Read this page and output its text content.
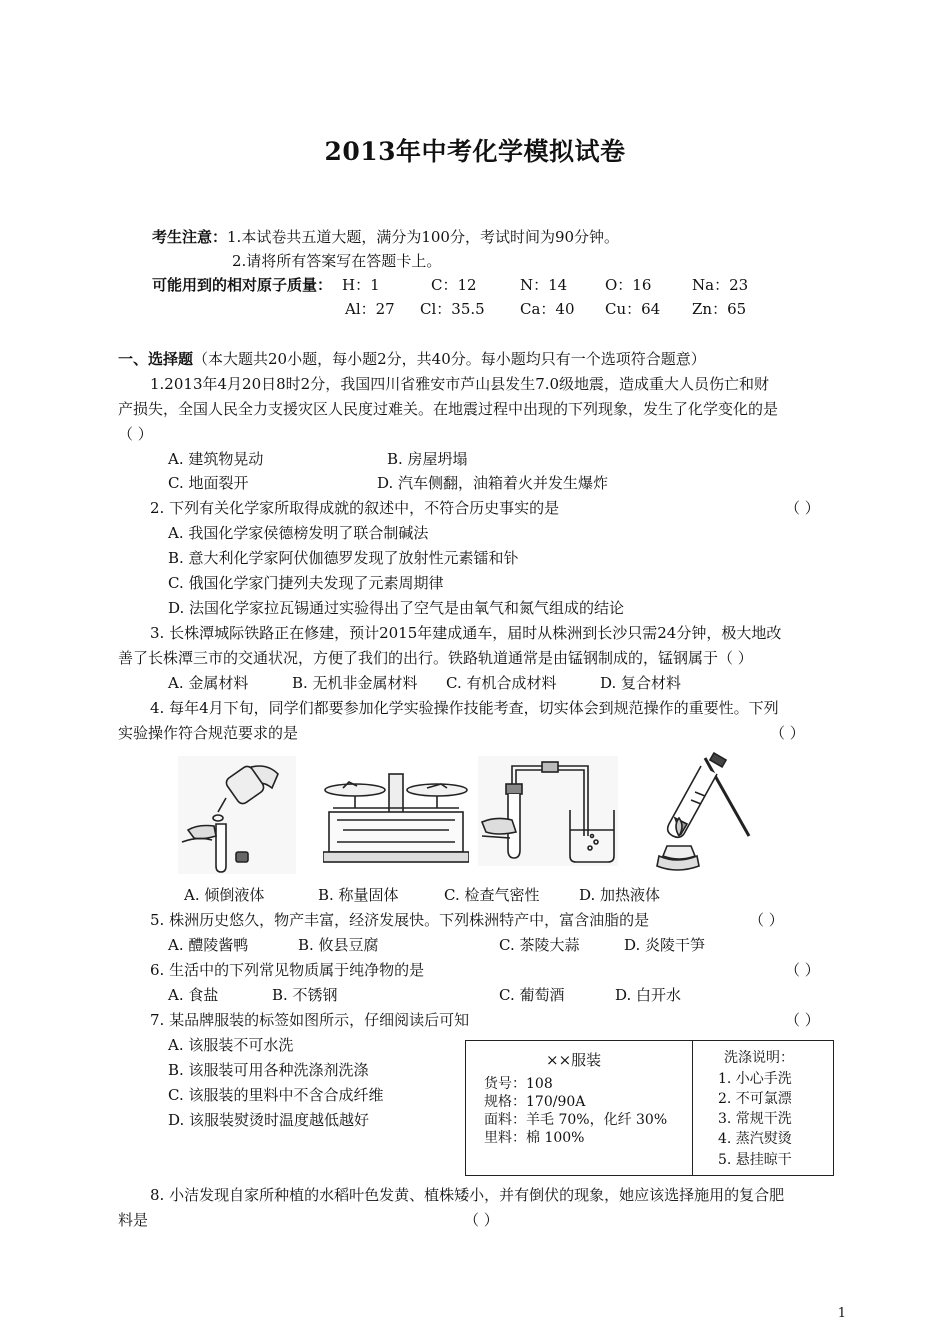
2013年中考化学模拟试卷
考生注意：1.本试卷共五道大题，满分为100分，考试时间为90分钟。
2.请将所有答案写在答题卡上。
可能用到的相对原子质量： H：1	C：12	N：14	O：16	Na：23
Al：27 Cl：35.5 Ca：40 Cu：64 Zn：65
一、选择题（本大题共20小题，每小题2分，共40分。每小题均只有一个选项符合题意）
1.2013年4月20日8时2分，我国四川省雅安市芦山县发生7.0级地震，造成重大人员伤亡和财
产损失，全国人民全力支援灾区人民度过难关。在地震过程中出现的下列现象，发生了化学变化的是
（ ）
A. 建筑物晃动	B. 房屋坍塌
C. 地面裂开	D. 汽车侧翻，油箱着火并发生爆炸
2. 下列有关化学家所取得成就的叙述中，不符合历史事实的是	（ ）
A. 我国化学家侯德榜发明了联合制碱法
B. 意大利化学家阿伏伽德罗发现了放射性元素镭和钋
C. 俄国化学家门捷列夫发现了元素周期律
D. 法国化学家拉瓦锡通过实验得出了空气是由氧气和氮气组成的结论
3. 长株潭城际铁路正在修建，预计2015年建成通车，届时从株洲到长沙只需24分钟，极大地改
善了长株潭三市的交通状况，方便了我们的出行。铁路轨道通常是由锰钢制成的，锰钢属于（ ）
A. 金属材料	B. 无机非金属材料 C. 有机合成材料	D. 复合材料
4. 每年4月下旬，同学们都要参加化学实验操作技能考查，切实体会到规范操作的重要性。下列
实验操作符合规范要求的是	（ ）
A. 倾倒液体	B. 称量固体	C. 检查气密性	D. 加热液体
5. 株洲历史悠久，物产丰富，经济发展快。下列株洲特产中，富含油脂的是	（ ）
A. 醴陵酱鸭	B. 攸县豆腐	C. 茶陵大蒜	D. 炎陵干笋
6. 生活中的下列常见物质属于纯净物的是	（ ）
A. 食盐	B. 不锈钢	C. 葡萄酒	D. 白开水
7. 某品牌服装的标签如图所示，仔细阅读后可知	（ ）
A. 该服装不可水洗
B. 该服装可用各种洗涤剂洗涤
C. 该服装的里料中不含合成纤维
D. 该服装熨烫时温度越低越好
××服装
货号：108
规格：170/90A
面料：羊毛 70%，化纤 30%
里料：棉 100%
洗涤说明：
1. 小心手洗
2. 不可氯漂
3. 常规干洗
4. 蒸汽熨烫
5. 悬挂晾干
8. 小洁发现自家所种植的水稻叶色发黄、植株矮小，并有倒伏的现象，她应该选择施用的复合肥
料是	（ ）
1
